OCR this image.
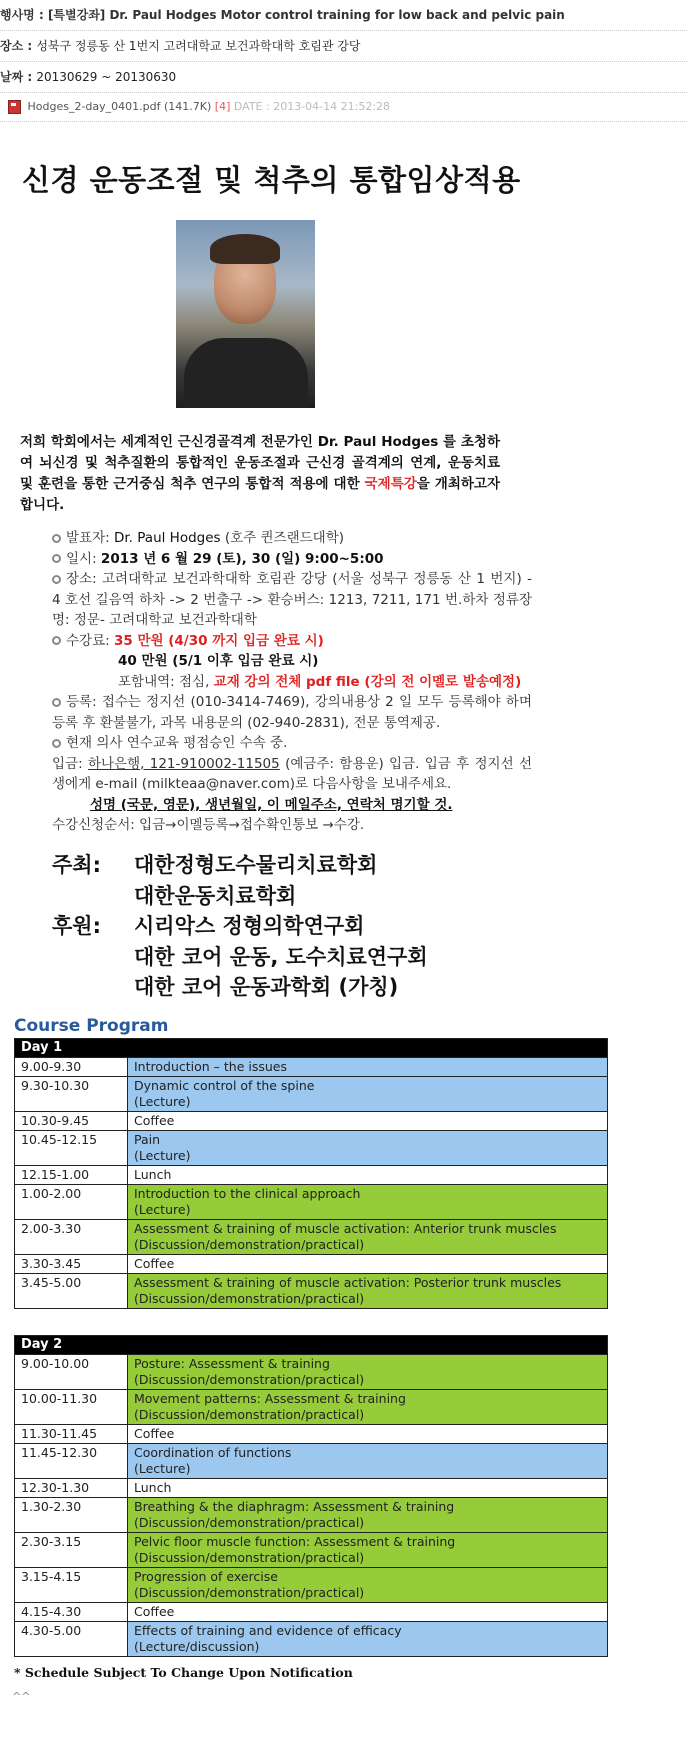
행사명 : [특별강좌] Dr. Paul Hodges Motor control training for low back and pelvic pain
장소 : 성북구 정릉동 산 1번지 고려대학교 보건과학대학 호림관 강당
날짜 : 20130629 ~ 20130630
Hodges_2-day_0401.pdf (141.7K) [4] DATE : 2013-04-14 21:52:28
신경 운동조절 및 척추의 통합임상적용
저희 학회에서는 세계적인 근신경골격계 전문가인 Dr. Paul Hodges 를 초청하여 뇌신경 및 척추질환의 통합적인 운동조절과 근신경 골격계의 연계, 운동치료 및 훈련을 통한 근거중심 척추 연구의 통합적 적용에 대한 국제특강을 개최하고자 합니다.
발표자: Dr. Paul Hodges (호주 퀸즈랜드대학)
일시: 2013 년 6 월 29 (토), 30 (일) 9:00~5:00
장소: 고려대학교 보건과학대학 호림관 강당 (서울 성북구 정릉동 산 1 번지) - 4 호선 길음역 하차 -> 2 번출구 -> 환승버스: 1213, 7211, 171 번.하차 정류장 명: 정문- 고려대학교 보건과학대학
수강료: 35 만원 (4/30 까지 입금 완료 시)
40 만원 (5/1 이후 입금 완료 시)
포함내역: 점심, 교재 강의 전체 pdf file (강의 전 이멜로 발송예정)
등록: 접수는 정지선 (010-3414-7469), 강의내용상 2 일 모두 등록해야 하며 등록 후 환불불가, 과목 내용문의 (02-940-2831), 전문 통역제공.
현재 의사 연수교육 평점승인 수속 중.
입금: 하나은행, 121-910002-11505 (예금주: 함용운) 입금. 입금 후 정지선 선생에게 e-mail (milkteaa@naver.com)로 다음사항을 보내주세요.
성명 (국문, 영문), 생년월일, 이 메일주소, 연락처 명기할 것.
수강신청순서: 입금→이멜등록→접수확인통보 →수강.
주최:	대한정형도수물리치료학회
대한운동치료학회
후원:	시리악스 정형의학연구회
대한 코어 운동, 도수치료연구회
대한 코어 운동과학회 (가칭)
Course Program
Day 1	
9.00-9.30	Introduction – the issues
9.30-10.30	Dynamic control of the spine
(Lecture)
10.30-9.45	Coffee
10.45-12.15	Pain
(Lecture)
12.15-1.00	Lunch
1.00-2.00	Introduction to the clinical approach
(Lecture)
2.00-3.30	Assessment & training of muscle activation: Anterior trunk muscles (Discussion/demonstration/practical)
3.30-3.45	Coffee
3.45-5.00	Assessment & training of muscle activation: Posterior trunk muscles (Discussion/demonstration/practical)
Day 2	
9.00-10.00	Posture: Assessment & training
(Discussion/demonstration/practical)
10.00-11.30	Movement patterns: Assessment & training
(Discussion/demonstration/practical)
11.30-11.45	Coffee
11.45-12.30	Coordination of functions
(Lecture)
12.30-1.30	Lunch
1.30-2.30	Breathing & the diaphragm: Assessment & training
(Discussion/demonstration/practical)
2.30-3.15	Pelvic floor muscle function: Assessment & training
(Discussion/demonstration/practical)
3.15-4.15	Progression of exercise
(Discussion/demonstration/practical)
4.15-4.30	Coffee
4.30-5.00	Effects of training and evidence of efficacy
(Lecture/discussion)
* Schedule Subject To Change Upon Notification
^^
